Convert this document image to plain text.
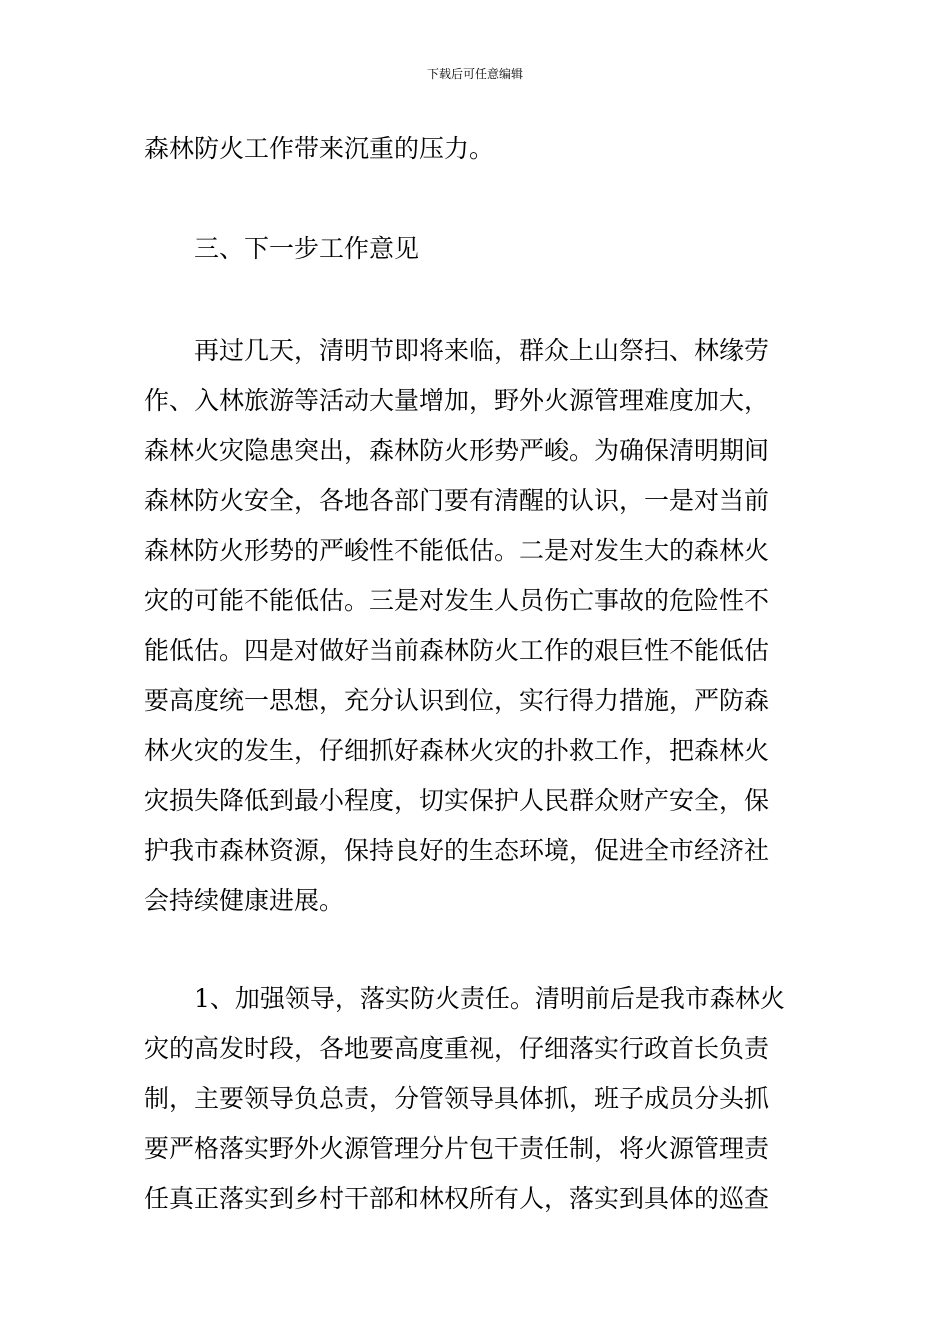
下载后可任意编辑
森林防火工作带来沉重的压力。
三、下一步工作意见
再过几天，清明节即将来临，群众上山祭扫、林缘劳
作、入林旅游等活动大量增加，野外火源管理难度加大，
森林火灾隐患突出，森林防火形势严峻。为确保清明期间
森林防火安全，各地各部门要有清醒的认识，一是对当前
森林防火形势的严峻性不能低估。二是对发生大的森林火
灾的可能不能低估。三是对发生人员伤亡事故的危险性不
能低估。四是对做好当前森林防火工作的艰巨性不能低估
要高度统一思想，充分认识到位，实行得力措施，严防森
林火灾的发生，仔细抓好森林火灾的扑救工作，把森林火
灾损失降低到最小程度，切实保护人民群众财产安全，保
护我市森林资源，保持良好的生态环境，促进全市经济社
会持续健康进展。
1、加强领导，落实防火责任。清明前后是我市森林火
灾的高发时段，各地要高度重视，仔细落实行政首长负责
制，主要领导负总责，分管领导具体抓，班子成员分头抓
要严格落实野外火源管理分片包干责任制，将火源管理责
任真正落实到乡村干部和林权所有人，落实到具体的巡查
